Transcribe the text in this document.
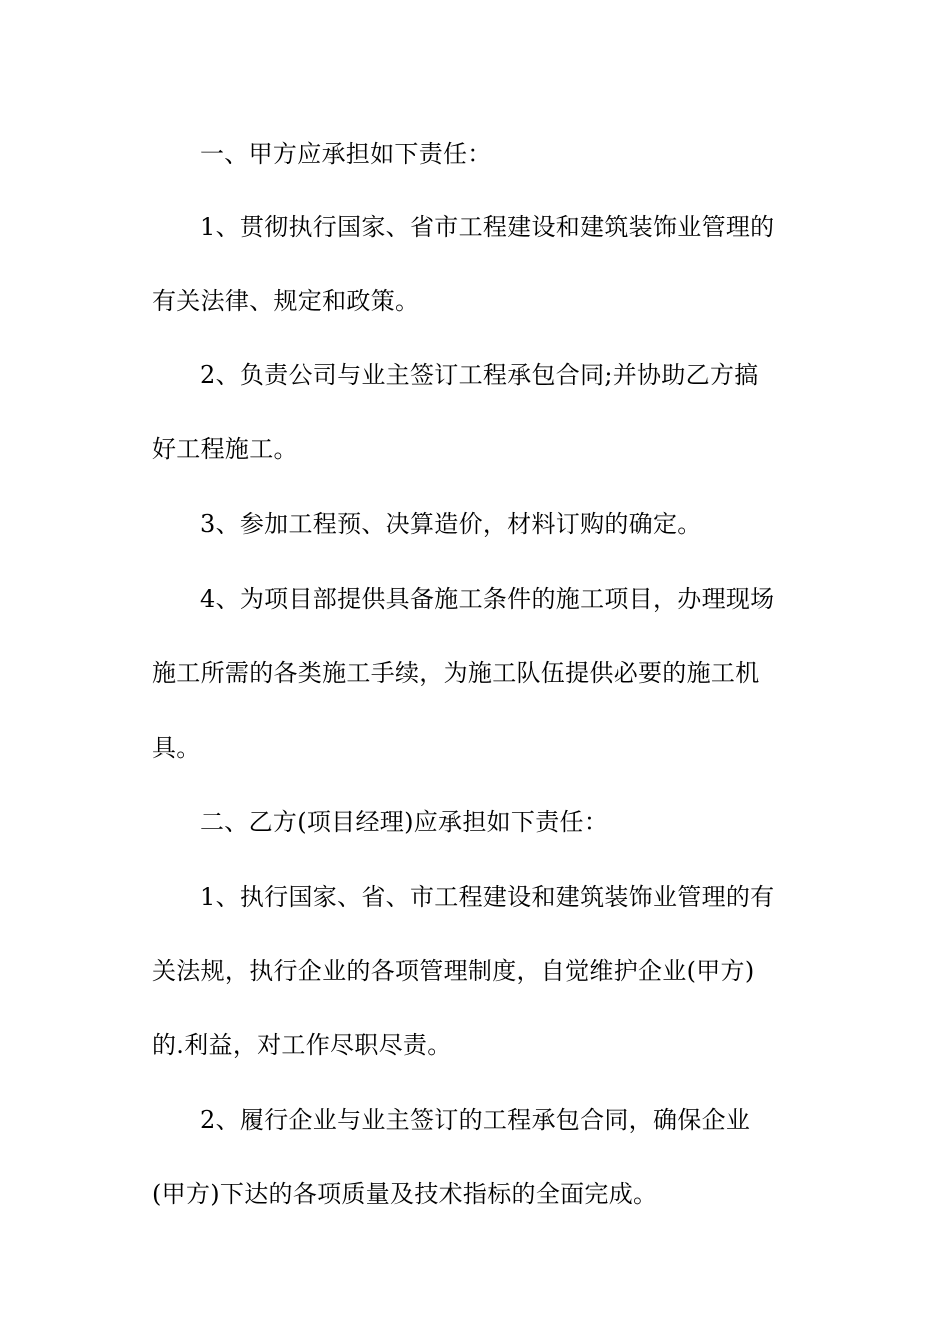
一、甲方应承担如下责任：
1、贯彻执行国家、省市工程建设和建筑装饰业管理的
有关法律、规定和政策。
2、负责公司与业主签订工程承包合同;并协助乙方搞
好工程施工。
3、参加工程预、决算造价，材料订购的确定。
4、为项目部提供具备施工条件的施工项目，办理现场
施工所需的各类施工手续，为施工队伍提供必要的施工机
具。
二、乙方(项目经理)应承担如下责任：
1、执行国家、省、市工程建设和建筑装饰业管理的有
关法规，执行企业的各项管理制度，自觉维护企业(甲方)
的.利益，对工作尽职尽责。
2、履行企业与业主签订的工程承包合同，确保企业
(甲方)下达的各项质量及技术指标的全面完成。
